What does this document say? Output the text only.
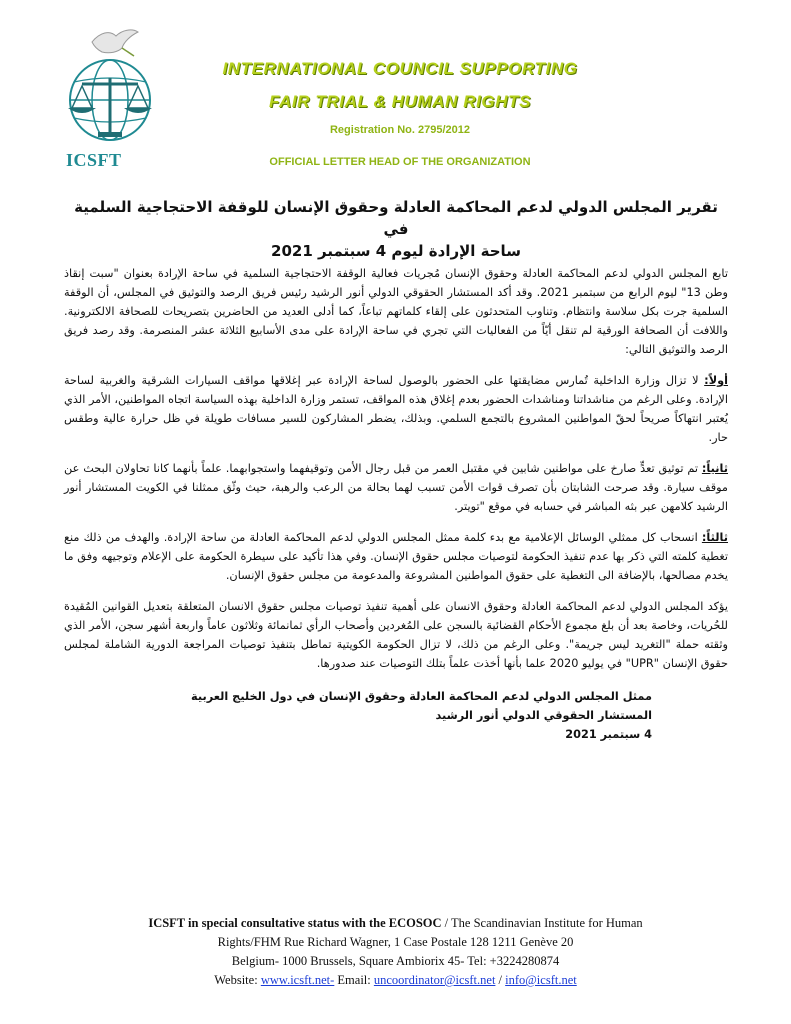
ICSFT
INTERNATIONAL COUNCIL SUPPORTING
FAIR TRIAL & HUMAN RIGHTS
Registration No. 2795/2012
OFFICIAL LETTER HEAD OF THE ORGANIZATION
تقرير المجلس الدولي لدعم المحاكمة العادلة وحقوق الإنسان للوقفة الاحتجاجية السلمية في
ساحة الإرادة ليوم 4 سبتمبر 2021

تابع المجلس الدولي لدعم المحاكمة العادلة وحقوق الإنسان مُجريات فعالية الوقفة الاحتجاجية السلمية في ساحة الإرادة بعنوان "سبت إنقاذ وطن 13" ليوم الرابع من سبتمبر 2021. وقد أكد المستشار الحقوقي الدولي أنور الرشيد رئيس فريق الرصد والتوثيق في المجلس، أن الوقفة السلمية جرت بكل سلاسة وانتظام. وتناوب المتحدثون على إلقاء كلماتهم تباعاً، كما أدلى العديد من الحاضرين بتصريحات للصحافة الالكترونية. واللافت أن الصحافة الورقية لم تنقل أيّاً من الفعاليات التي تجري في ساحة الإرادة على مدى الأسابيع الثلاثة عشر المنصرمة. وقد رصد فريق الرصد والتوثيق التالي:

أولاً: لا تزال وزارة الداخلية تُمارس مضايقتها على الحضور بالوصول لساحة الإرادة عبر إغلاقها مواقف السيارات الشرقية والغربية لساحة الإرادة. وعلى الرغم من مناشداتنا ومناشدات الحضور بعدم إغلاق هذه المواقف، تستمر وزارة الداخلية بهذه السياسة اتجاه المواطنين، الأمر الذي يُعتبر انتهاكاً صريحاً لحقّ المواطنين المشروع بالتجمع السلمي. وبذلك، يضطر المشاركون للسير مسافات طويلة في ظل حرارة عالية وطقس حار.

ثانياً: تم توثيق تعدٍّ صارخ على مواطنين شابين في مقتبل العمر من قبل رجال الأمن وتوقيفهما واستجوابهما. علماً بأنهما كانا تحاولان البحث عن موقف سيارة. وقد صرحت الشابتان بأن تصرف قوات الأمن تسبب لهما بحالة من الرعب والرهبة، حيث وثّق ممثلنا في الكويت المستشار أنور الرشيد كلامهن عبر بثه المباشر في حسابه في موقع "تويتر.

ثالثاً: انسحاب كل ممثلي الوسائل الإعلامية مع بدء كلمة ممثل المجلس الدولي لدعم المحاكمة العادلة من ساحة الإرادة. والهدف من ذلك منع تغطية كلمته التي ذكر بها عدم تنفيذ الحكومة لتوصيات مجلس حقوق الإنسان. وفي هذا تأكيد على سيطرة الحكومة على الإعلام وتوجيهه وفق ما يخدم مصالحها، بالإضافة الى التغطية على حقوق المواطنين المشروعة والمدعومة من مجلس حقوق الإنسان.

يؤكد المجلس الدولي لدعم المحاكمة العادلة وحقوق الانسان على أهمية تنفيذ توصيات مجلس حقوق الانسان المتعلقة بتعديل القوانين المُقيدة للحُريات، وخاصة بعد أن بلغ مجموع الأحكام القضائية بالسجن على المُغردين وأصحاب الرأي ثمانمائة وثلاثون عاماً واربعة أشهر سجن، الأمر الذي وثقته حملة "التغريد ليس جريمة". وعلى الرغم من ذلك، لا تزال الحكومة الكويتية تماطل بتنفيذ توصيات المراجعة الدورية الشاملة لمجلس حقوق الإنسان "UPR" في يوليو 2020 علما بأنها أخذت علماً بتلك التوصيات عند صدورها.

ممثل المجلس الدولي لدعم المحاكمة العادلة وحقوق الإنسان في دول الخليج العربية
المستشار الحقوقي الدولي أنور الرشيد
4 سبتمبر 2021
ICSFT in special consultative status with the ECOSOC / The Scandinavian Institute for Human
Rights/FHM Rue Richard Wagner, 1 Case Postale 128 1211 Genève 20
Belgium- 1000 Brussels, Square Ambiorix 45- Tel: +3224280874
Website: www.icsft.net- Email: uncoordinator@icsft.net / info@icsft.net
